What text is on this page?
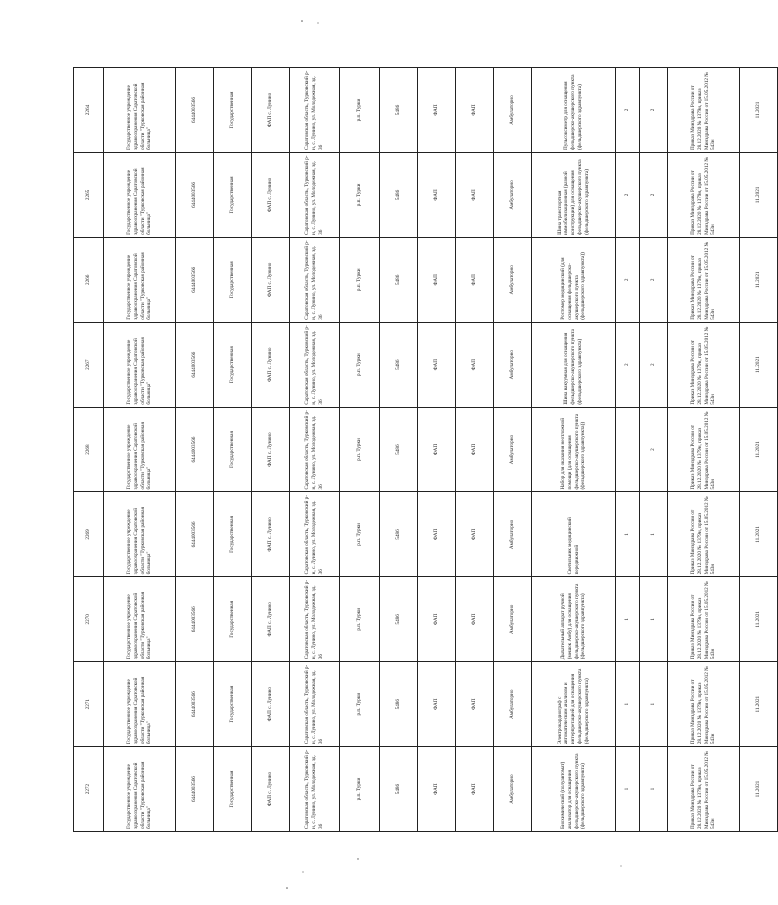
2272	2271	2270	2269	2268	2267	2266	2265	2264
Государственное учреждение здравоохранения Саратовской области "Турковская районная больница"	Государственное учреждение здравоохранения Саратовской области "Турковская районная больница"	Государственное учреждение здравоохранения Саратовской области "Турковская районная больница"	Государственное учреждение здравоохранения Саратовской области "Турковская районная больница"	Государственное учреждение здравоохранения Саратовской области "Турковская районная больница"	Государственное учреждение здравоохранения Саратовской области "Турковская районная больница"	Государственное учреждение здравоохранения Саратовской области "Турковская районная больница"	Государственное учреждение здравоохранения Саратовской области "Турковская районная больница"	Государственное учреждение здравоохранения Саратовской области "Турковская районная больница"
6444003566	6444003566	6444003566	6444003566	6444003566	6444003566	6444003566	6444003566	6444003566
Государственная	Государственная	Государственная	Государственная	Государственная	Государственная	Государственная	Государственная	Государственная
ФАП с. Лунино	ФАП с. Лунино	ФАП с. Лунино	ФАП с. Лунино	ФАП с. Лунино	ФАП с. Лунино	ФАП с. Лунино	ФАП с. Лунино	ФАП с. Лунино
Саратовская область, Турковский р-н, с. Лунино, ул. Молодежная, зд. 36	Саратовская область, Турковский р-н, с. Лунино, ул. Молодежная, зд. 36	Саратовская область, Турковский р-н, с. Лунино, ул. Молодежная, зд. 36	Саратовская область, Турковский р-н, с. Лунино, ул. Молодежная, зд. 36	Саратовская область, Турковский р-н, с. Лунино, ул. Молодежная, зд. 36	Саратовская область, Турковский р-н, с. Лунино, ул. Молодежная, зд. 36	Саратовская область, Турковский р-н, с. Лунино, ул. Молодежная, зд. 36	Саратовская область, Турковский р-н, с. Лунино, ул. Молодежная, зд. 36	Саратовская область, Турковский р-н, с. Лунино, ул. Молодежная, зд. 36
р.п. Турки	р.п. Турки	р.п. Турки	р.п. Турки	р.п. Турки	р.п. Турки	р.п. Турки	р.п. Турки	р.п. Турки
5486	5486	5486	5486	5486	5486	5486	5486	5486
ФАП	ФАП	ФАП	ФАП	ФАП	ФАП	ФАП	ФАП	ФАП
ФАП	ФАП	ФАП	ФАП	ФАП	ФАП	ФАП	ФАП	ФАП
Амбулаторно	Амбулаторно	Амбулаторно	Амбулаторно	Амбулаторно	Амбулаторно	Амбулаторно	Амбулаторно	Амбулаторно
Биохимический (полуавтомат) анализатор для оснащения фельдшерско-акушерского пункта (фельдшерского здравпункта)	Электрокардиограф с автоматическим анализом и интерпретацией для оснащения фельдшерско-акушерского пункта (фельдшерского здравпункта)	Дыхательный аппарат ручной (мешок Амбу) для оснащения фельдшерско-акушерского пункта (фельдшерского здравпункта)	Светильник медицинский передвижной	Набор для оказания неотложной помощи (для оснащения фельдшерско-акушерского пункта (фельдшерского здравпункта))	Шина вакуумная для оснащения фельдшерско-акушерского пункта (фельдшерского здравпункта)	Ростомер медицинский (для оснащения фельдшерско-акушерского пункта (фельдшерского здравпункта))	Шина транспортная иммобилизационная (разной конструкции) для оснащения фельдшерско-акушерского пункта (фельдшерского здравпункта)	Пульсоксиметр для оснащения фельдшерско-акушерского пункта (фельдшерского здравпункта)
1	1	1	1		2	2	2	2
1	1	1	1	2	2	2	2	2
Приказ Минздрава России от 28.12.2020 № 1379н, приказ Минздрава России от 15.05.2012 № 543н	Приказ Минздрава России от 28.12.2020 № 1379н, приказ Минздрава России от 15.05.2012 № 543н	Приказ Минздрава России от 28.12.2020 № 1379н, приказ Минздрава России от 15.05.2012 № 543н	Приказ Минздрава России от 28.12.2020 № 1379н, приказ Минздрава России от 15.05.2012 № 543н	Приказ Минздрава России от 28.12.2020 № 1379н, приказ Минздрава России от 15.05.2012 № 543н	Приказ Минздрава России от 28.12.2020 № 1379н, приказ Минздрава России от 15.05.2012 № 543н	Приказ Минздрава России от 28.12.2020 № 1379н, приказ Минздрава России от 15.05.2012 № 543н	Приказ Минздрава России от 28.12.2020 № 1379н, приказ Минздрава России от 15.05.2012 № 543н	Приказ Минздрава России от 28.12.2020 № 1379н, приказ Минздрава России от 15.05.2012 № 543н
11.2021	11.2021	11.2021	11.2021	11.2021	11.2021	11.2021	11.2021	11.2021
